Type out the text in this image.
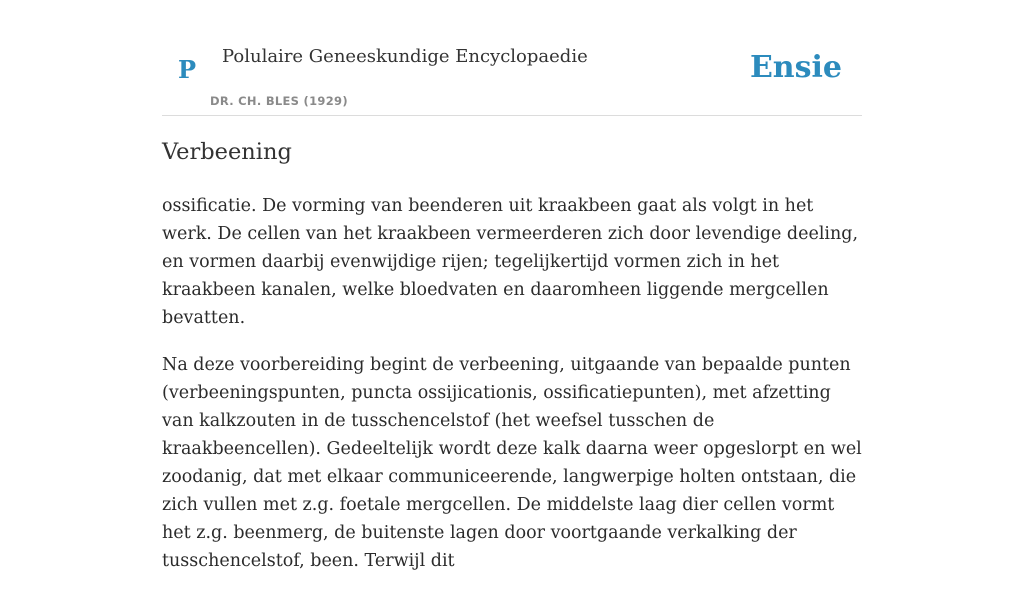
P Polulaire Geneeskundige Encyclopaedie
DR. CH. BLES (1929)
Ensie
Verbeening

ossificatie. De vorming van beenderen uit kraakbeen gaat als volgt in het werk. De cellen van het kraakbeen vermeerderen zich door levendige deeling, en vormen daarbij evenwijdige rijen; tegelijkertijd vormen zich in het kraakbeen kanalen, welke bloedvaten en daaromheen liggende mergcellen bevatten.

Na deze voorbereiding begint de verbeening, uitgaande van bepaalde punten (verbeeningspunten, puncta ossijicationis, ossificatiepunten), met afzetting van kalkzouten in de tusschencelstof (het weefsel tusschen de kraakbeencellen). Gedeeltelijk wordt deze kalk daarna weer opgeslorpt en wel zoodanig, dat met elkaar communiceerende, langwerpige holten ontstaan, die zich vullen met z.g. foetale mergcellen. De middelste laag dier cellen vormt het z.g. beenmerg, de buitenste lagen door voortgaande verkalking der tusschencelstof, been. Terwijl dit
